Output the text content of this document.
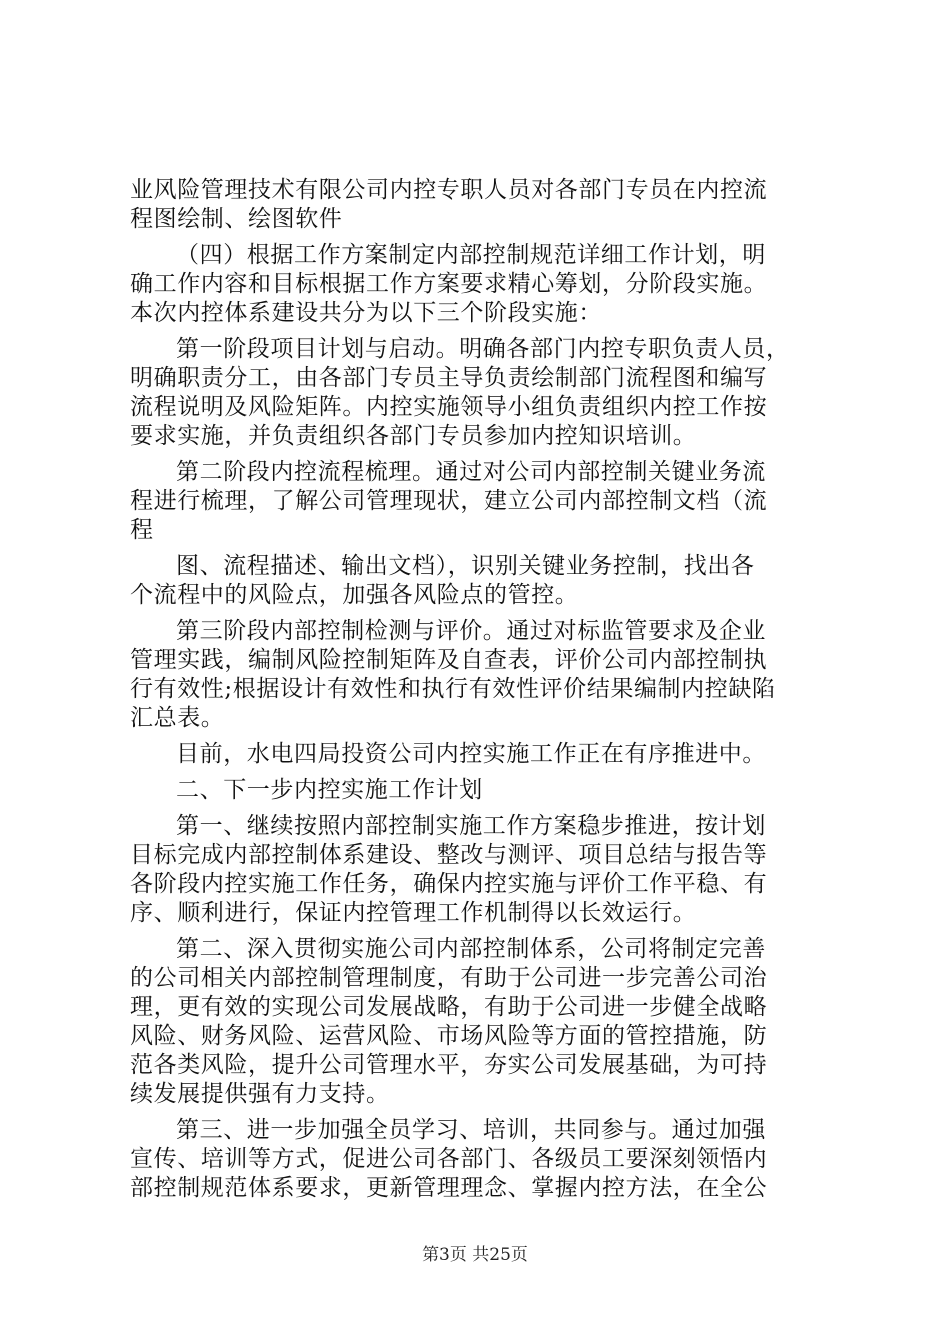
业风险管理技术有限公司内控专职人员对各部门专员在内控流
程图绘制、绘图软件
（四）根据工作方案制定内部控制规范详细工作计划，明
确工作内容和目标根据工作方案要求精心筹划，分阶段实施。
本次内控体系建设共分为以下三个阶段实施：
第一阶段项目计划与启动。明确各部门内控专职负责人员，
明确职责分工，由各部门专员主导负责绘制部门流程图和编写
流程说明及风险矩阵。内控实施领导小组负责组织内控工作按
要求实施，并负责组织各部门专员参加内控知识培训。
第二阶段内控流程梳理。通过对公司内部控制关键业务流
程进行梳理，了解公司管理现状，建立公司内部控制文档（流
程
图、流程描述、输出文档），识别关键业务控制，找出各
个流程中的风险点，加强各风险点的管控。
第三阶段内部控制检测与评价。通过对标监管要求及企业
管理实践，编制风险控制矩阵及自查表，评价公司内部控制执
行有效性;根据设计有效性和执行有效性评价结果编制内控缺陷
汇总表。
目前，水电四局投资公司内控实施工作正在有序推进中。
二、下一步内控实施工作计划
第一、继续按照内部控制实施工作方案稳步推进，按计划
目标完成内部控制体系建设、整改与测评、项目总结与报告等
各阶段内控实施工作任务，确保内控实施与评价工作平稳、有
序、顺利进行，保证内控管理工作机制得以长效运行。
第二、深入贯彻实施公司内部控制体系，公司将制定完善
的公司相关内部控制管理制度，有助于公司进一步完善公司治
理，更有效的实现公司发展战略，有助于公司进一步健全战略
风险、财务风险、运营风险、市场风险等方面的管控措施，防
范各类风险，提升公司管理水平，夯实公司发展基础，为可持
续发展提供强有力支持。
第三、进一步加强全员学习、培训，共同参与。通过加强
宣传、培训等方式，促进公司各部门、各级员工要深刻领悟内
部控制规范体系要求，更新管理理念、掌握内控方法，在全公
第3页 共25页
